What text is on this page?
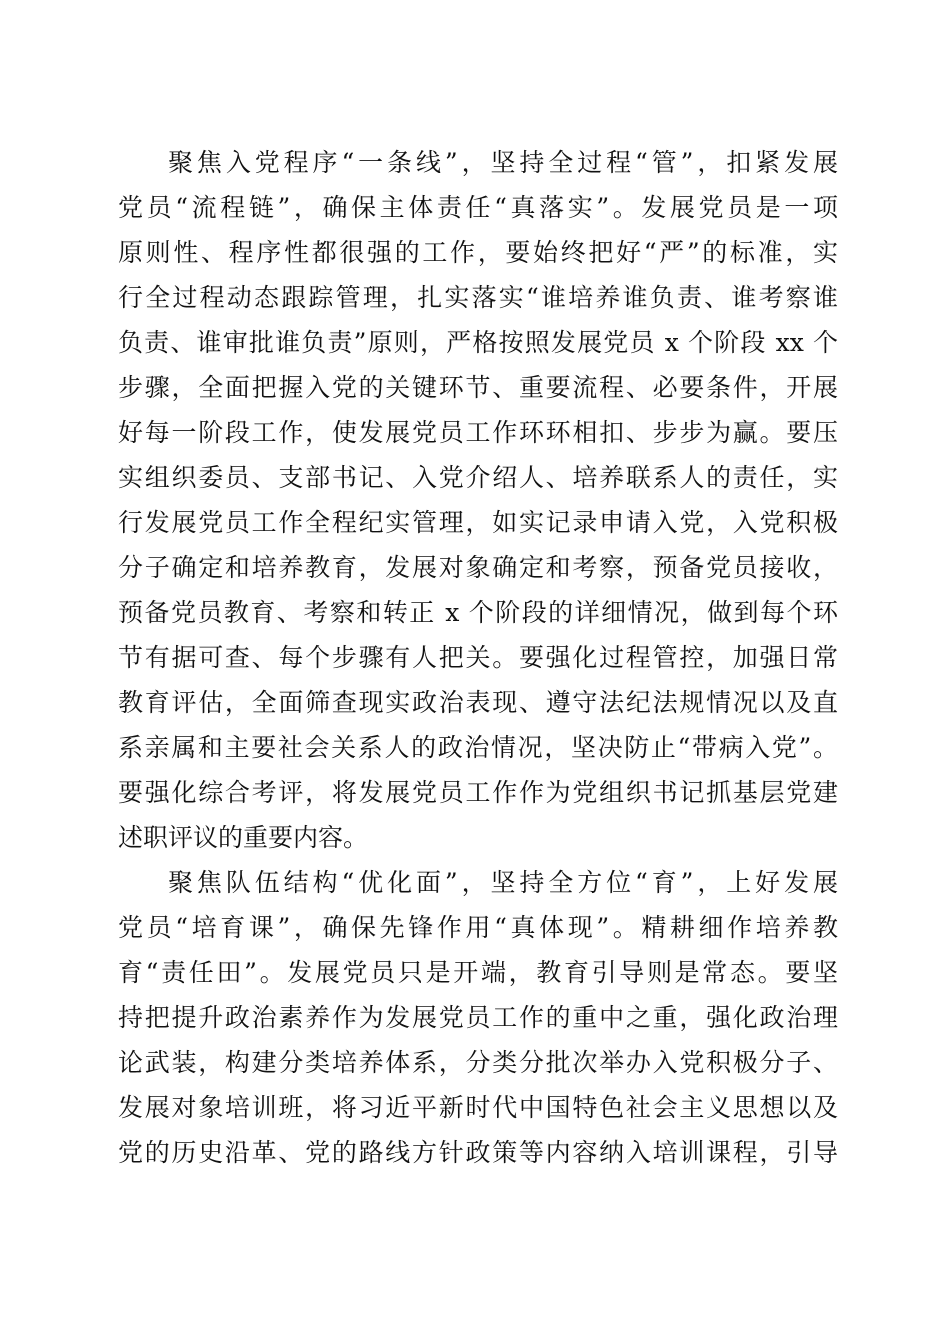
聚焦入党程序“一条线”，坚持全过程“管”，扣紧发展
党员“流程链”，确保主体责任“真落实”。发展党员是一项
原则性、程序性都很强的工作，要始终把好“严”的标准，实
行全过程动态跟踪管理，扎实落实“谁培养谁负责、谁考察谁
负责、谁审批谁负责”原则，严格按照发展党员 x 个阶段 xx 个
步骤，全面把握入党的关键环节、重要流程、必要条件，开展
好每一阶段工作，使发展党员工作环环相扣、步步为赢。要压
实组织委员、支部书记、入党介绍人、培养联系人的责任，实
行发展党员工作全程纪实管理，如实记录申请入党，入党积极
分子确定和培养教育，发展对象确定和考察，预备党员接收，
预备党员教育、考察和转正 x 个阶段的详细情况，做到每个环
节有据可查、每个步骤有人把关。要强化过程管控，加强日常
教育评估，全面筛查现实政治表现、遵守法纪法规情况以及直
系亲属和主要社会关系人的政治情况，坚决防止“带病入党”。
要强化综合考评，将发展党员工作作为党组织书记抓基层党建
述职评议的重要内容。
聚焦队伍结构“优化面”，坚持全方位“育”，上好发展
党员“培育课”，确保先锋作用“真体现”。精耕细作培养教
育“责任田”。发展党员只是开端，教育引导则是常态。要坚
持把提升政治素养作为发展党员工作的重中之重，强化政治理
论武装，构建分类培养体系，分类分批次举办入党积极分子、
发展对象培训班，将习近平新时代中国特色社会主义思想以及
党的历史沿革、党的路线方针政策等内容纳入培训课程，引导
